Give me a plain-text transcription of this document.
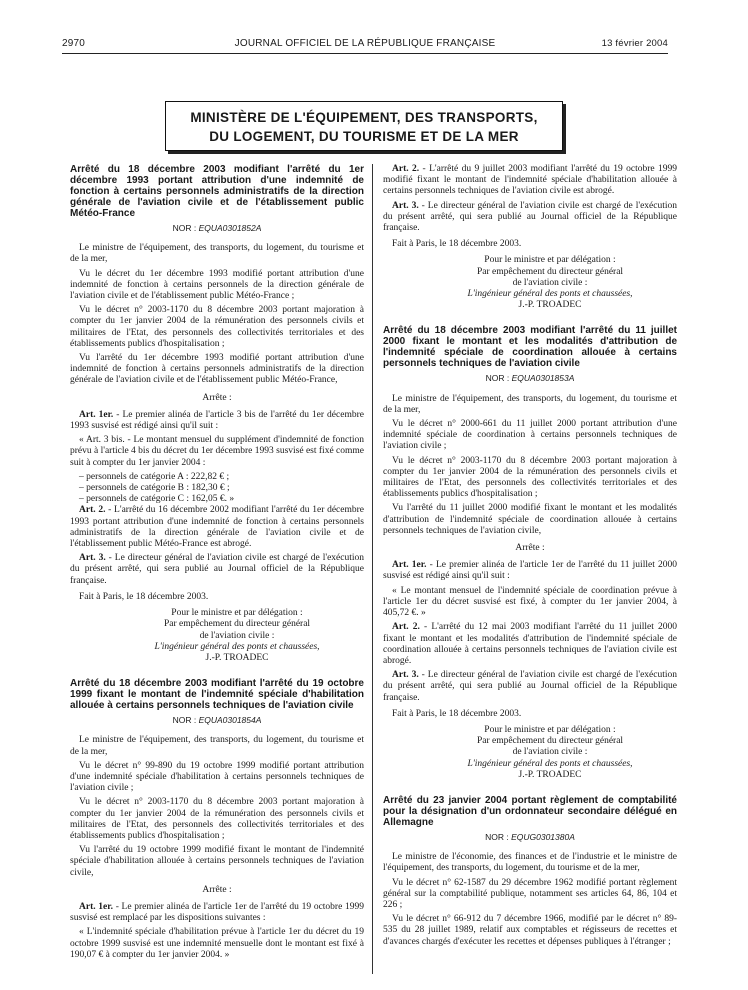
2970	JOURNAL OFFICIEL DE LA RÉPUBLIQUE FRANÇAISE	13 février 2004
MINISTÈRE DE L'ÉQUIPEMENT, DES TRANSPORTS,
DU LOGEMENT, DU TOURISME ET DE LA MER
Arrêté du 18 décembre 2003 modifiant l'arrêté du 1er décembre 1993 portant attribution d'une indemnité de fonction à certains personnels administratifs de la direction générale de l'aviation civile et de l'établissement public Météo-France
NOR : EQUA0301852A

Le ministre de l'équipement, des transports, du logement, du tourisme et de la mer,

Vu le décret du 1er décembre 1993 modifié portant attribution d'une indemnité de fonction à certains personnels de la direction générale de l'aviation civile et de l'établissement public Météo-France ;

Vu le décret n° 2003-1170 du 8 décembre 2003 portant majoration à compter du 1er janvier 2004 de la rémunération des personnels civils et militaires de l'Etat, des personnels des collectivités territoriales et des établissements publics d'hospitalisation ;

Vu l'arrêté du 1er décembre 1993 modifié portant attribution d'une indemnité de fonction à certains personnels administratifs de la direction générale de l'aviation civile et de l'établissement public Météo-France,

Arrête :

Art. 1er. - Le premier alinéa de l'article 3 bis de l'arrêté du 1er décembre 1993 susvisé est rédigé ainsi qu'il suit :

« Art. 3 bis. - Le montant mensuel du supplément d'indemnité de fonction prévu à l'article 4 bis du décret du 1er décembre 1993 susvisé est fixé comme suit à compter du 1er janvier 2004 :

– personnels de catégorie A : 222,82 € ;

– personnels de catégorie B : 182,30 € ;

– personnels de catégorie C : 162,05 €. »

Art. 2. - L'arrêté du 16 décembre 2002 modifiant l'arrêté du 1er décembre 1993 portant attribution d'une indemnité de fonction à certains personnels administratifs de la direction générale de l'aviation civile et de l'établissement public Météo-France est abrogé.

Art. 3. - Le directeur général de l'aviation civile est chargé de l'exécution du présent arrêté, qui sera publié au Journal officiel de la République française.

Fait à Paris, le 18 décembre 2003.

Pour le ministre et par délégation :
Par empêchement du directeur général
de l'aviation civile :
L'ingénieur général des ponts et chaussées,
J.-P. TROADEC
Arrêté du 18 décembre 2003 modifiant l'arrêté du 19 octobre 1999 fixant le montant de l'indemnité spéciale d'habilitation allouée à certains personnels techniques de l'aviation civile
NOR : EQUA0301854A

Le ministre de l'équipement, des transports, du logement, du tourisme et de la mer,

Vu le décret n° 99-890 du 19 octobre 1999 modifié portant attribution d'une indemnité spéciale d'habilitation à certains personnels techniques de l'aviation civile ;

Vu le décret n° 2003-1170 du 8 décembre 2003 portant majoration à compter du 1er janvier 2004 de la rémunération des personnels civils et militaires de l'Etat, des personnels des collectivités territoriales et des établissements publics d'hospitalisation ;

Vu l'arrêté du 19 octobre 1999 modifié fixant le montant de l'indemnité spéciale d'habilitation allouée à certains personnels techniques de l'aviation civile,

Arrête :

Art. 1er. - Le premier alinéa de l'article 1er de l'arrêté du 19 octobre 1999 susvisé est remplacé par les dispositions suivantes :

« L'indemnité spéciale d'habilitation prévue à l'article 1er du décret du 19 octobre 1999 susvisé est une indemnité mensuelle dont le montant est fixé à 190,07 € à compter du 1er janvier 2004. »

Art. 2. - L'arrêté du 9 juillet 2003 modifiant l'arrêté du 19 octobre 1999 modifié fixant le montant de l'indemnité spéciale d'habilitation allouée à certains personnels techniques de l'aviation civile est abrogé.

Art. 3. - Le directeur général de l'aviation civile est chargé de l'exécution du présent arrêté, qui sera publié au Journal officiel de la République française.

Fait à Paris, le 18 décembre 2003.

Pour le ministre et par délégation :
Par empêchement du directeur général
de l'aviation civile :
L'ingénieur général des ponts et chaussées,
J.-P. TROADEC
Arrêté du 18 décembre 2003 modifiant l'arrêté du 11 juillet 2000 fixant le montant et les modalités d'attribution de l'indemnité spéciale de coordination allouée à certains personnels techniques de l'aviation civile
NOR : EQUA0301853A

Le ministre de l'équipement, des transports, du logement, du tourisme et de la mer,

Vu le décret n° 2000-661 du 11 juillet 2000 portant attribution d'une indemnité spéciale de coordination à certains personnels techniques de l'aviation civile ;

Vu le décret n° 2003-1170 du 8 décembre 2003 portant majoration à compter du 1er janvier 2004 de la rémunération des personnels civils et militaires de l'Etat, des personnels des collectivités territoriales et des établissements publics d'hospitalisation ;

Vu l'arrêté du 11 juillet 2000 modifié fixant le montant et les modalités d'attribution de l'indemnité spéciale de coordination allouée à certains personnels techniques de l'aviation civile,

Arrête :

Art. 1er. - Le premier alinéa de l'article 1er de l'arrêté du 11 juillet 2000 susvisé est rédigé ainsi qu'il suit :

« Le montant mensuel de l'indemnité spéciale de coordination prévue à l'article 1er du décret susvisé est fixé, à compter du 1er janvier 2004, à 405,72 €. »

Art. 2. - L'arrêté du 12 mai 2003 modifiant l'arrêté du 11 juillet 2000 fixant le montant et les modalités d'attribution de l'indemnité spéciale de coordination allouée à certains personnels techniques de l'aviation civile est abrogé.

Art. 3. - Le directeur général de l'aviation civile est chargé de l'exécution du présent arrêté, qui sera publié au Journal officiel de la République française.

Fait à Paris, le 18 décembre 2003.

Pour le ministre et par délégation :
Par empêchement du directeur général
de l'aviation civile :
L'ingénieur général des ponts et chaussées,
J.-P. TROADEC
Arrêté du 23 janvier 2004 portant règlement de comptabilité pour la désignation d'un ordonnateur secondaire délégué en Allemagne
NOR : EQUG0301380A

Le ministre de l'économie, des finances et de l'industrie et le ministre de l'équipement, des transports, du logement, du tourisme et de la mer,

Vu le décret n° 62-1587 du 29 décembre 1962 modifié portant règlement général sur la comptabilité publique, notamment ses articles 64, 86, 104 et 226 ;

Vu le décret n° 66-912 du 7 décembre 1966, modifié par le décret n° 89-535 du 28 juillet 1989, relatif aux comptables et régisseurs de recettes et d'avances chargés d'exécuter les recettes et dépenses publiques à l'étranger ;
